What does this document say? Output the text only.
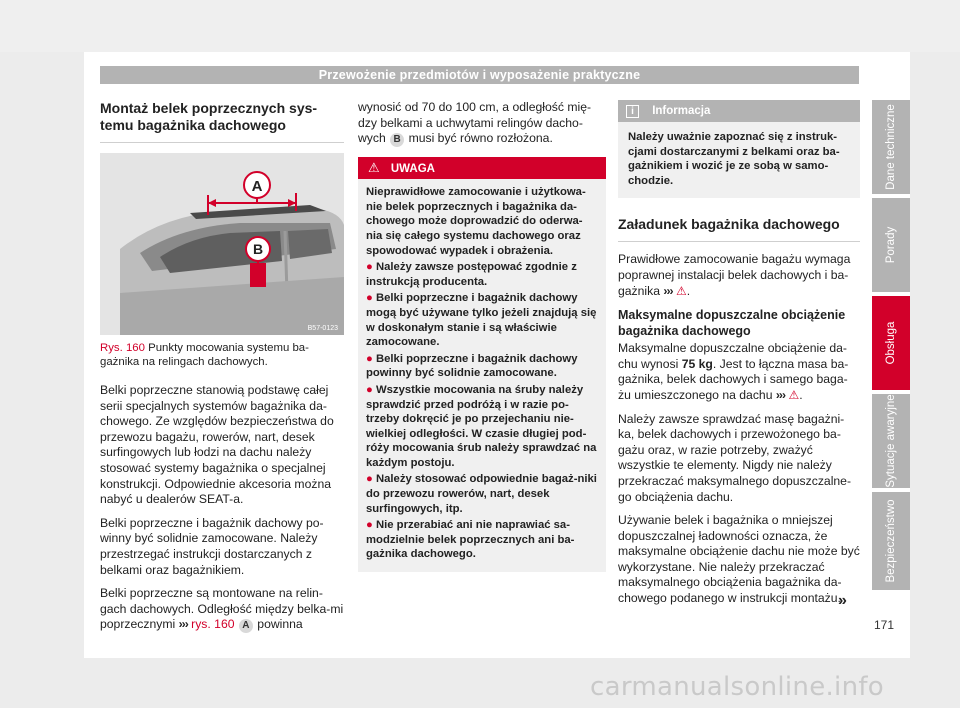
Przewożenie przedmiotów i wyposażenie praktyczne
Montaż belek poprzecznych sys-temu bagażnika dachowego
A
B
B57-0123
Rys. 160 Punkty mocowania systemu ba-gażnika na relingach dachowych.

Belki poprzeczne stanowią podstawę całej serii specjalnych systemów bagażnika da-chowego. Ze względów bezpieczeństwa do przewozu bagażu, rowerów, nart, desek surfingowych lub łodzi na dachu należy stosować systemy bagażnika o specjalnej konstrukcji. Odpowiednie akcesoria można nabyć u dealerów SEAT-a.

Belki poprzeczne i bagażnik dachowy po-winny być solidnie zamocowane. Należy przestrzegać instrukcji dostarczanych z belkami oraz bagażnikiem.

Belki poprzeczne są montowane na relin-gach dachowych. Odległość między belka-mi poprzecznymi ››› rys. 160 A powinna

wynosić od 70 do 100 cm, a odległość mię-dzy belkami a uchwytami relingów dacho-wych B musi być równo rozłożona.

⚠ UWAGA
Nieprawidłowe zamocowanie i użytkowa-nie belek poprzecznych i bagażnika da-chowego może doprowadzić do oderwa-nia się całego systemu dachowego oraz spowodować wypadek i obrażenia.
● Należy zawsze postępować zgodnie z instrukcją producenta.
● Belki poprzeczne i bagażnik dachowy mogą być używane tylko jeżeli znajdują się w doskonałym stanie i są właściwie zamocowane.
● Belki poprzeczne i bagażnik dachowy powinny być solidnie zamocowane.
● Wszystkie mocowania na śruby należy sprawdzić przed podróżą i w razie po-trzeby dokręcić je po przejechaniu nie-wielkiej odległości. W czasie długiej pod-róży mocowania śrub należy sprawdzać na każdym postoju.
● Należy stosować odpowiednie bagaż-niki do przewozu rowerów, nart, desek surfingowych, itp.
● Nie przerabiać ani nie naprawiać sa-modzielnie belek poprzecznych ani ba-gażnika dachowego.
i Informacja
Należy uważnie zapoznać się z instruk-cjami dostarczanymi z belkami oraz ba-gażnikiem i wozić je ze sobą w samo-chodzie.
Załadunek bagażnika dachowego

Prawidłowe zamocowanie bagażu wymaga poprawnej instalacji belek dachowych i ba-gażnika ››› ⚠.

Maksymalne dopuszczalne obciążenie bagażnika dachowego

Maksymalne dopuszczalne obciążenie da-chu wynosi 75 kg. Jest to łączna masa ba-gażnika, belek dachowych i samego baga-żu umieszczonego na dachu ››› ⚠.

Należy zawsze sprawdzać masę bagażni-ka, belek dachowych i przewożonego ba-gażu oraz, w razie potrzeby, zważyć wszystkie te elementy. Nigdy nie należy przekraczać maksymalnego dopuszczalne-go obciążenia dachu.

Używanie belek i bagażnika o mniejszej dopuszczalnej ładowności oznacza, że maksymalne obciążenie dachu nie może być wykorzystane. Nie należy przekraczać maksymalnego obciążenia bagażnika da-chowego podanego w instrukcji montażu.

»
Dane techniczne
Porady
Obsługa
Sytuacje awaryjne
Bezpieczeństwo
171
carmanualsonline.info
